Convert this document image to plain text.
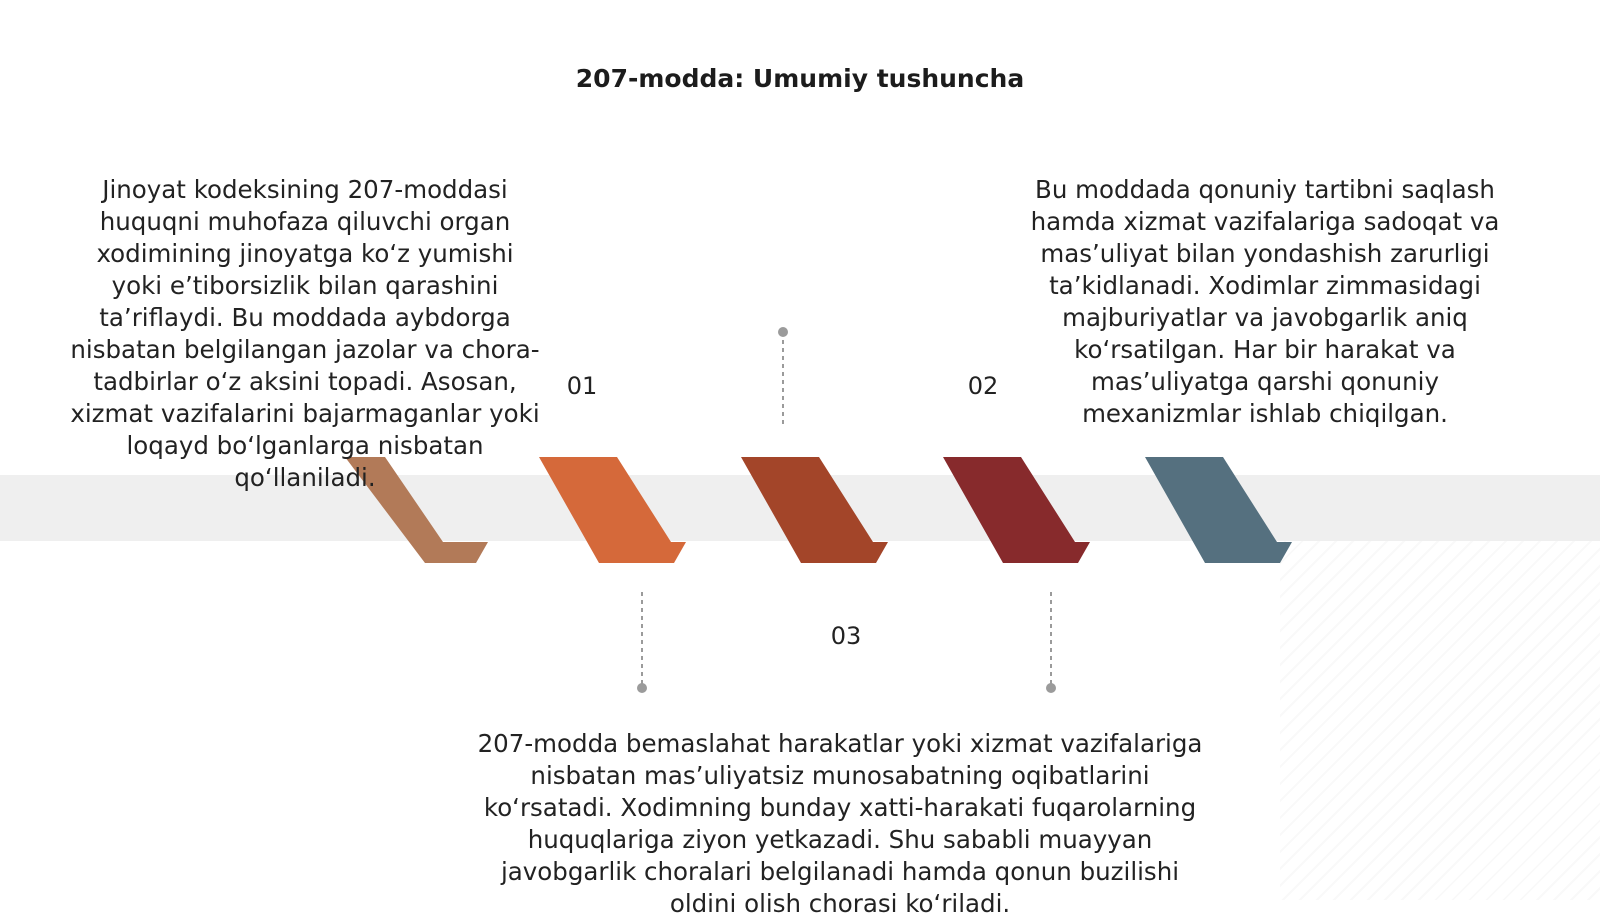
207-modda: Umumiy tushuncha
01	02
03
Jinoyat kodeksining 207-moddasi huquqni muhofaza qiluvchi organ xodimining jinoyatga ko‘z yumishi yoki e’tiborsizlik bilan qarashini ta’riflaydi. Bu moddada aybdorga nisbatan belgilangan jazolar va chora-tadbirlar o‘z aksini topadi. Asosan, xizmat vazifalarini bajarmaganlar yoki loqayd bo‘lganlarga nisbatan qo‘llaniladi.
Bu moddada qonuniy tartibni saqlash hamda xizmat vazifalariga sadoqat va mas’uliyat bilan yondashish zarurligi ta’kidlanadi. Xodimlar zimmasidagi majburiyatlar va javobgarlik aniq ko‘rsatilgan. Har bir harakat va mas’uliyatga qarshi qonuniy mexanizmlar ishlab chiqilgan.
207-modda bemaslahat harakatlar yoki xizmat vazifalariga nisbatan mas’uliyatsiz munosabatning oqibatlarini ko‘rsatadi. Xodimning bunday xatti-harakati fuqarolarning huquqlariga ziyon yetkazadi. Shu sababli muayyan javobgarlik choralari belgilanadi hamda qonun buzilishi oldini olish chorasi ko‘riladi.
